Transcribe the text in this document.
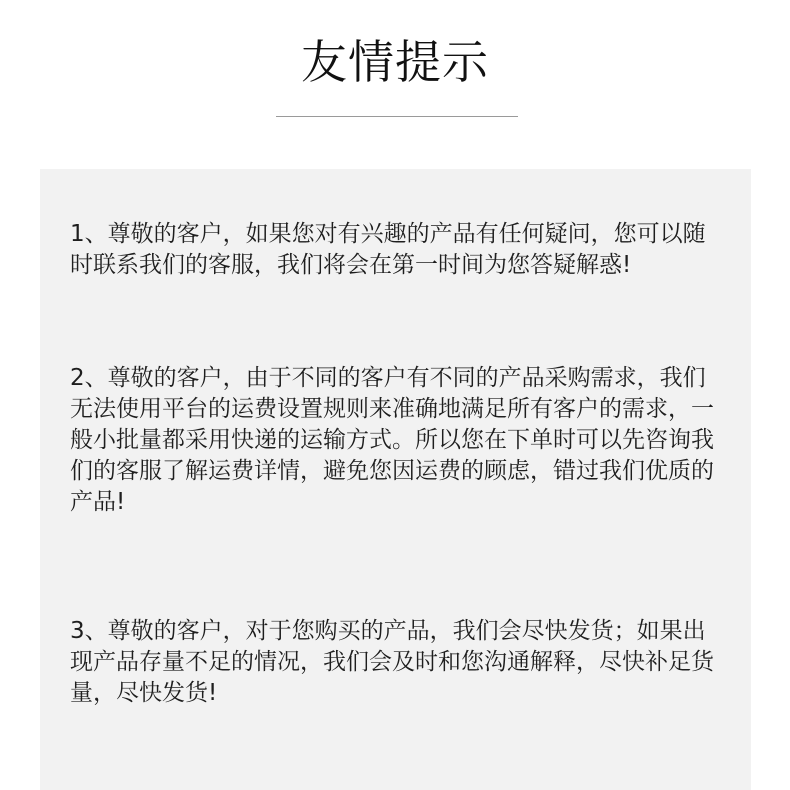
友情提示

1、尊敬的客户，如果您对有兴趣的产品有任何疑问，您可以随时联系我们的客服，我们将会在第一时间为您答疑解惑!

2、尊敬的客户，由于不同的客户有不同的产品采购需求，我们无法使用平台的运费设置规则来准确地满足所有客户的需求，一般小批量都采用快递的运输方式。所以您在下单时可以先咨询我们的客服了解运费详情，避免您因运费的顾虑，错过我们优质的产品!

3、尊敬的客户，对于您购买的产品，我们会尽快发货；如果出现产品存量不足的情况，我们会及时和您沟通解释，尽快补足货量，尽快发货!
